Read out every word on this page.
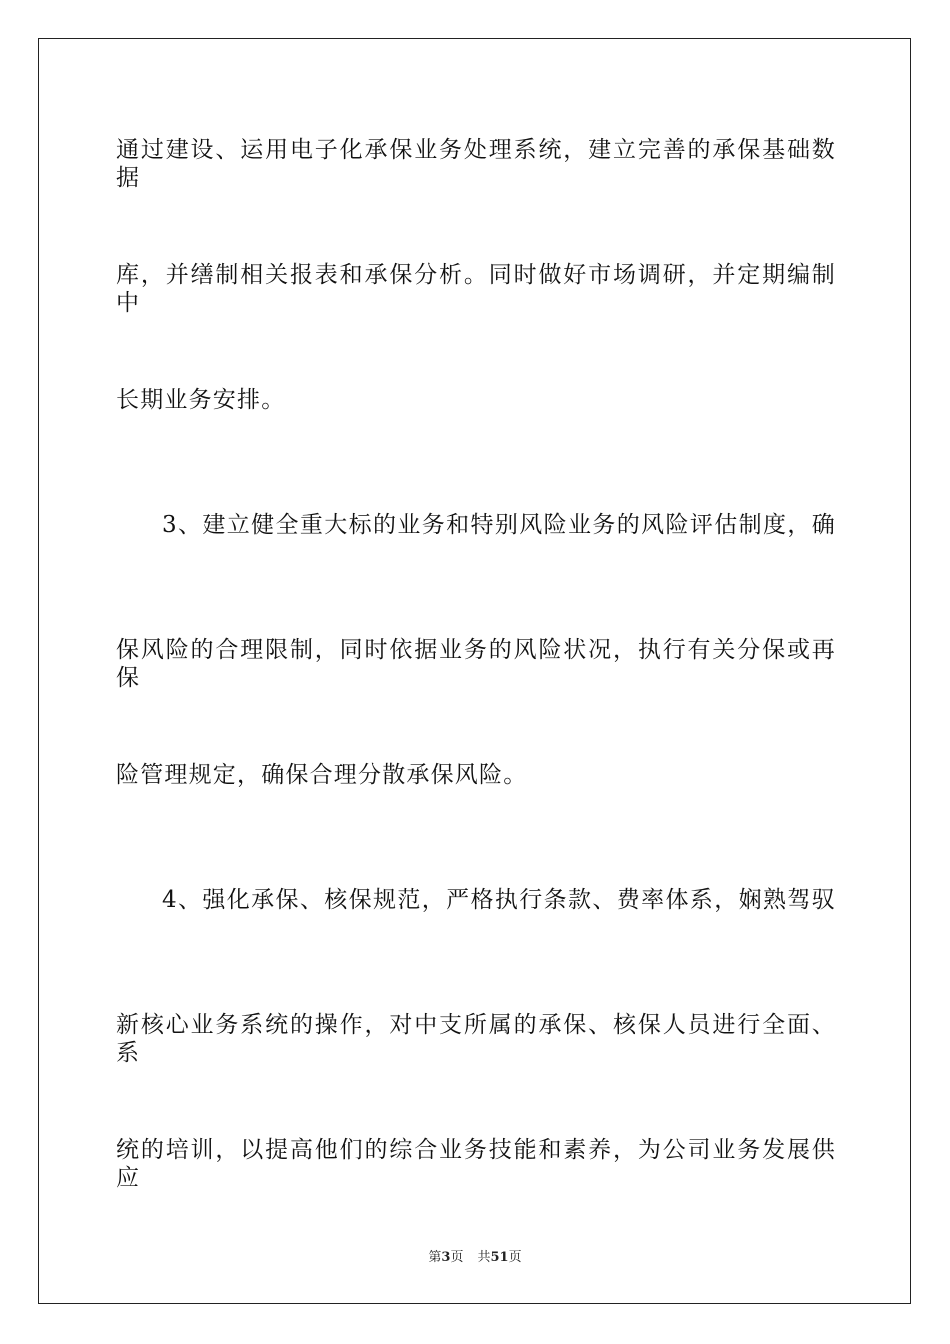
通过建设、运用电子化承保业务处理系统，建立完善的承保基础数据
库，并缮制相关报表和承保分析。同时做好市场调研，并定期编制中
长期业务安排。
3、建立健全重大标的业务和特别风险业务的风险评估制度，确
保风险的合理限制，同时依据业务的风险状况，执行有关分保或再保
险管理规定，确保合理分散承保风险。
4、强化承保、核保规范，严格执行条款、费率体系，娴熟驾驭
新核心业务系统的操作，对中支所属的承保、核保人员进行全面、系
统的培训，以提高他们的综合业务技能和素养，为公司业务发展供应
第3页 共51页
